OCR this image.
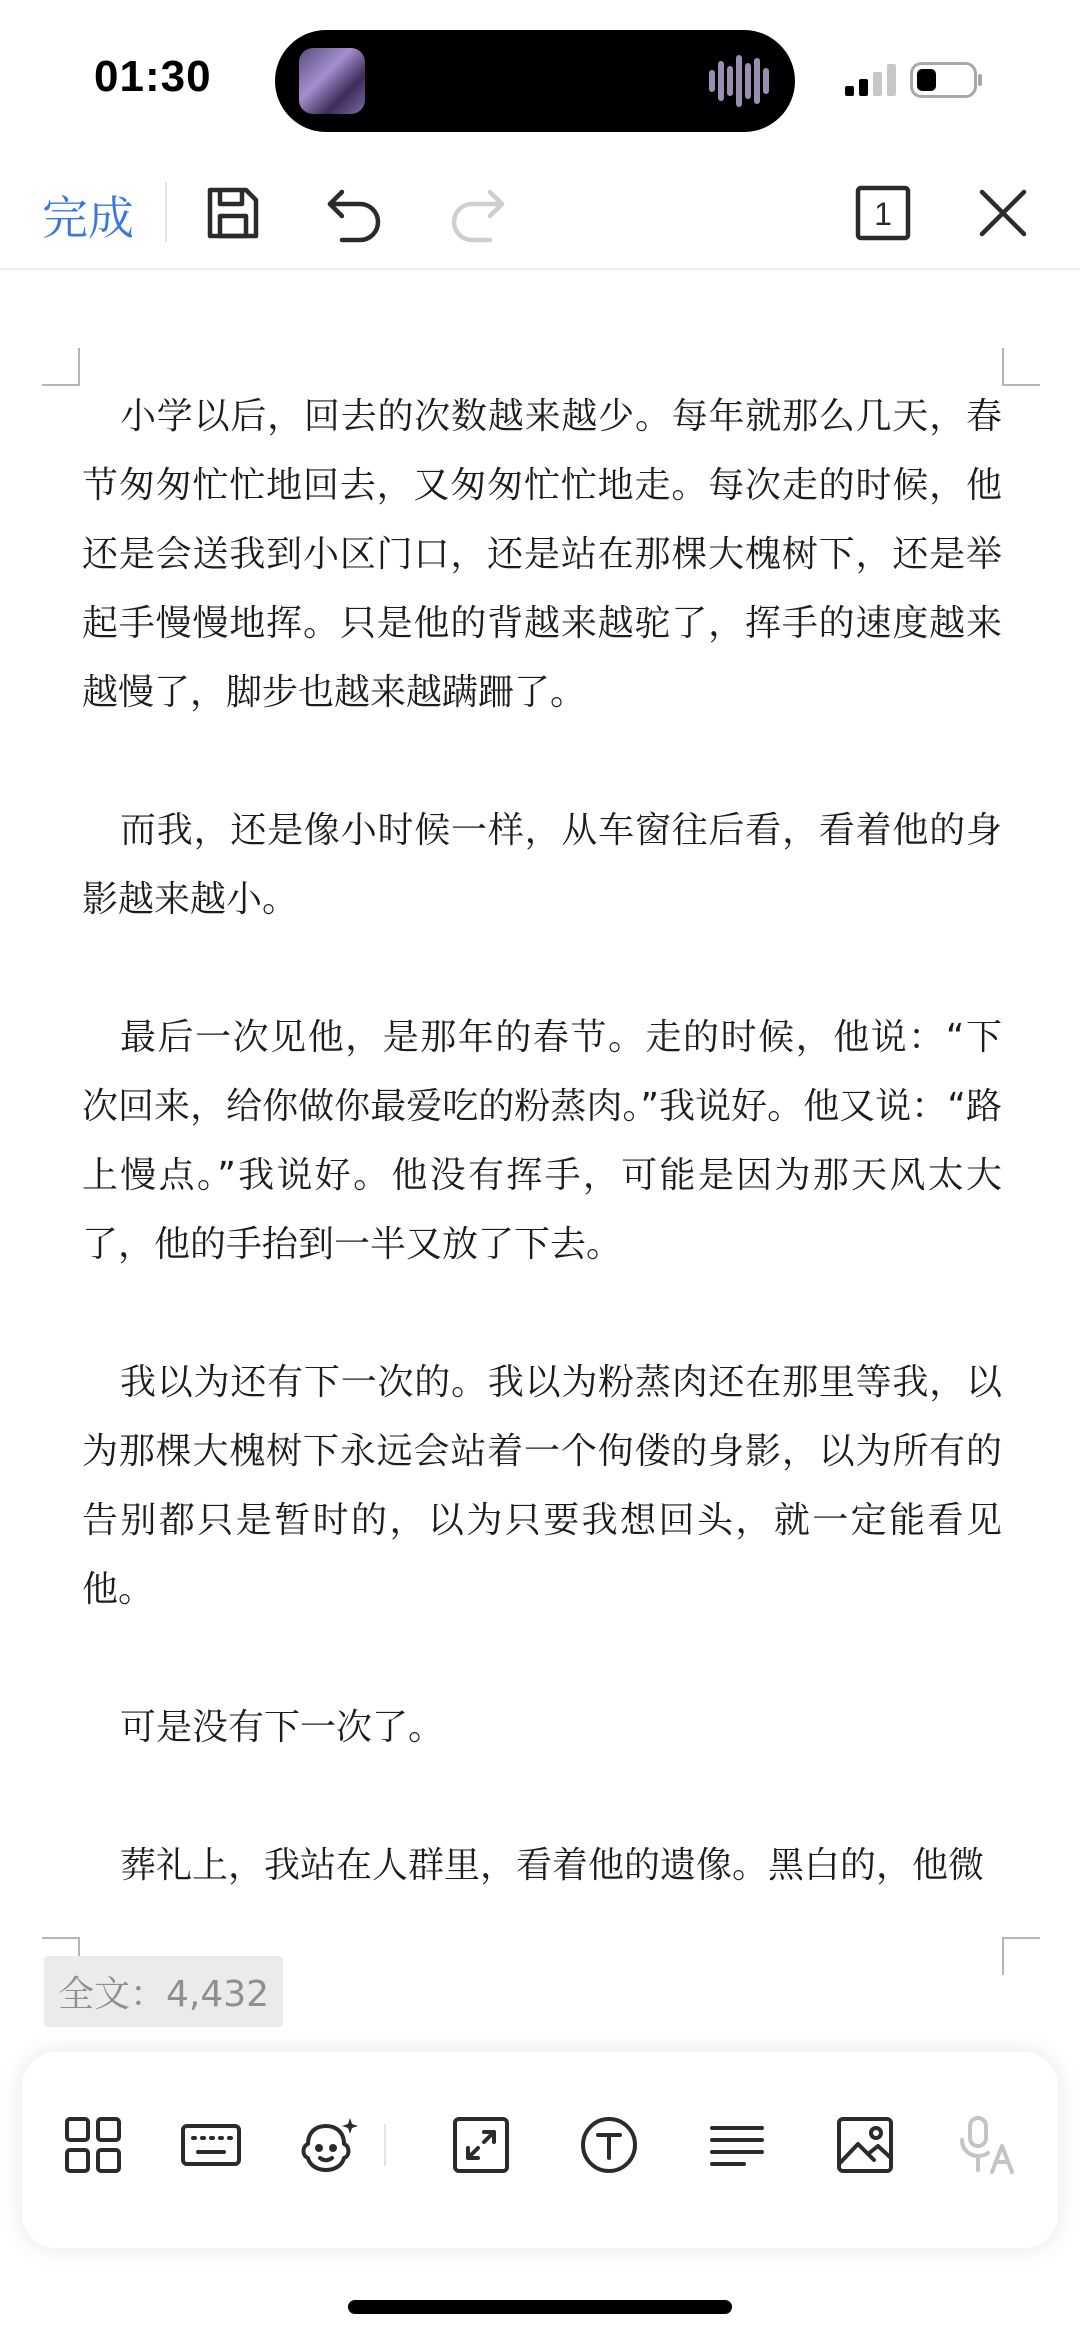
01:30
完成	1

小学以后，回去的次数越来越少。每年就那么几天，春节匆匆忙忙地回去，又匆匆忙忙地走。每次走的时候，他还是会送我到小区门口，还是站在那棵大槐树下，还是举起手慢慢地挥。只是他的背越来越驼了，挥手的速度越来越慢了，脚步也越来越蹒跚了。

而我，还是像小时候一样，从车窗往后看，看着他的身影越来越小。

最后一次见他，是那年的春节。走的时候，他说：“下次回来，给你做你最爱吃的粉蒸肉。”我说好。他又说：“路上慢点。”我说好。他没有挥手，可能是因为那天风太大了，他的手抬到一半又放了下去。

我以为还有下一次的。我以为粉蒸肉还在那里等我，以为那棵大槐树下永远会站着一个佝偻的身影，以为所有的告别都只是暂时的，以为只要我想回头，就一定能看见他。

可是没有下一次了。

葬礼上，我站在人群里，看着他的遗像。黑白的，他微

全文：4,432
